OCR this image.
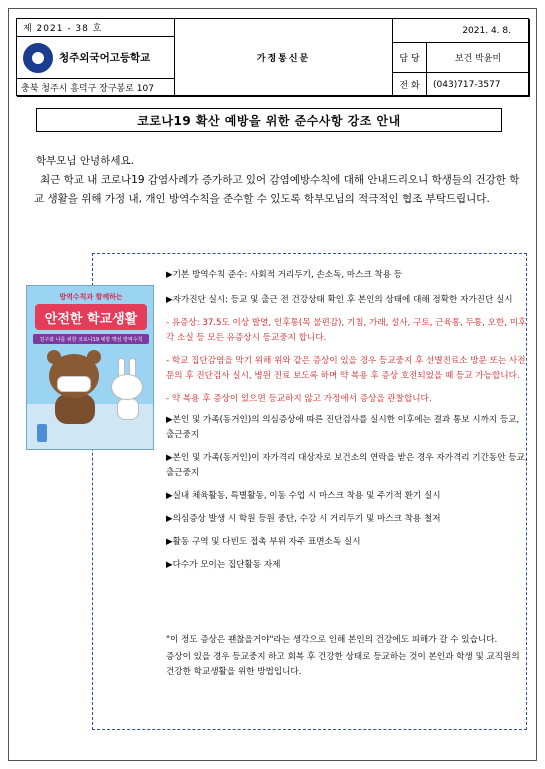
제 2021 - 38 호
청주외국어고등학교
충북 청주시 흥덕구 장구봉로 107
가정통신문
2021. 4. 8.
담 당	보건 박윤미
전 화	(043)717-3577
코로나19 확산 예방을 위한 준수사항 강조 안내

학부모님 안녕하세요.

최근 학교 내 코로나19 감염사례가 증가하고 있어 감염예방수칙에 대해 안내드리오니 학생들의 건강한 학교 생활을 위해 가정 내, 개인 방역수칙을 준수할 수 있도록 학부모님의 적극적인 협조 부탁드립니다.

방역수칙과 함께하는
안전한 학교생활
친구와 나를 위한 코로나19 예방 핵심 방역수칙
▶기본 방역수칙 준수: 사회적 거리두기, 손소독, 마스크 착용 등
▶자가진단 실시: 등교 및 출근 전 건강상태 확인 후 본인의 상태에 대해 정확한 자가진단 실시
- 유증상: 37.5도 이상 발열, 인후통(목 불편감), 기침, 가래, 설사, 구토, 근육통, 두통, 오한, 미후각 소실 등 모든 유증상시 등교중지 합니다.
- 학교 집단감염을 막기 위해 위와 같은 증상이 있을 경우 등교중지 후 선별진료소 방문 또는 사전 문의 후 진단검사 실시, 병원 진료 보도록 하며 약 복용 후 증상 호전되었을 때 등교 가능합니다.
- 약 복용 후 증상이 있으면 등교하지 않고 가정에서 증상을 관찰합니다.
▶본인 및 가족(동거인)의 의심증상에 따른 진단검사를 실시한 이후에는 결과 통보 시까지 등교, 출근중지
▶본인 및 가족(동거인)이 자가격리 대상자로 보건소의 연락을 받은 경우 자가격리 기간동안 등교, 출근중지
▶실내 체육활동, 특별활동, 이동 수업 시 마스크 착용 및 주기적 환기 실시
▶의심증상 발생 시 학원 등원 중단, 수강 시 거리두기 및 마스크 착용 철저
▶활동 구역 및 다빈도 접촉 부위 자주 표면소독 실시
▶다수가 모이는 집단활동 자제

"이 정도 증상은 괜찮을거야"라는 생각으로 인해 본인의 건강에도 피해가 갈 수 있습니다.

증상이 있을 경우 등교중지 하고 회복 후 건강한 상태로 등교하는 것이 본인과 학생 및 교직원의 건강한 학교생활을 위한 방법입니다.
